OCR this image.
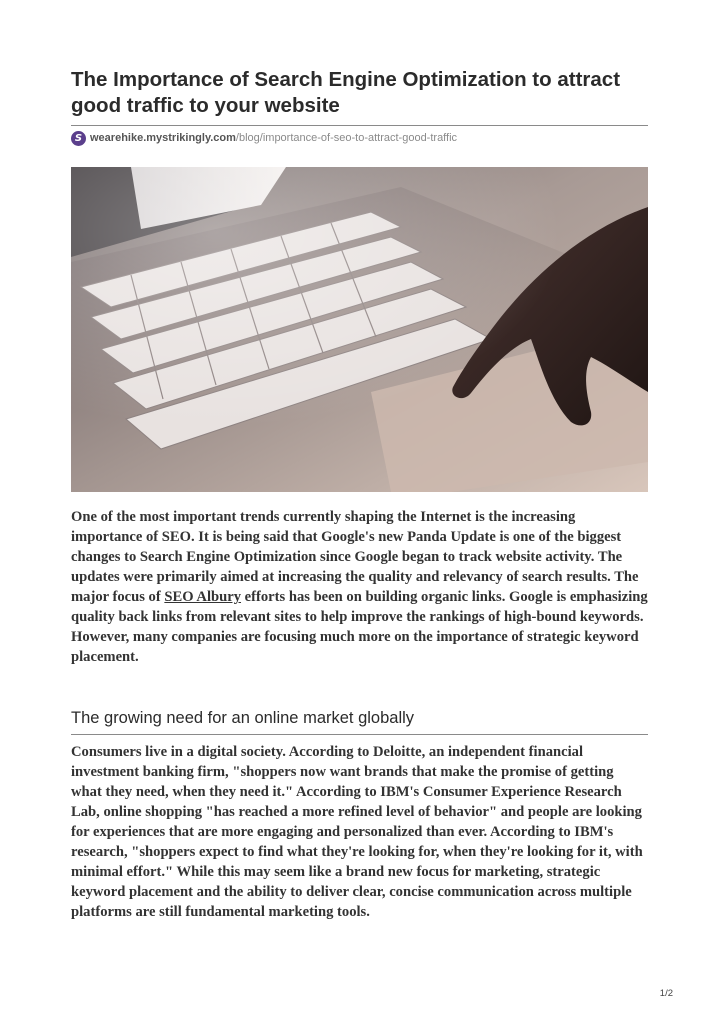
The Importance of Search Engine Optimization to attract good traffic to your website
S wearehike.mystrikingly.com /blog/importance-of-seo-to-attract-good-traffic

One of the most important trends currently shaping the Internet is the increasing importance of SEO. It is being said that Google's new Panda Update is one of the biggest changes to Search Engine Optimization since Google began to track website activity. The updates were primarily aimed at increasing the quality and relevancy of search results. The major focus of SEO Albury efforts has been on building organic links. Google is emphasizing quality back links from relevant sites to help improve the rankings of high-bound keywords. However, many companies are focusing much more on the importance of strategic keyword placement.

The growing need for an online market globally

Consumers live in a digital society. According to Deloitte, an independent financial investment banking firm, "shoppers now want brands that make the promise of getting what they need, when they need it." According to IBM's Consumer Experience Research Lab, online shopping "has reached a more refined level of behavior" and people are looking for experiences that are more engaging and personalized than ever. According to IBM's research, "shoppers expect to find what they're looking for, when they're looking for it, with minimal effort." While this may seem like a brand new focus for marketing, strategic keyword placement and the ability to deliver clear, concise communication across multiple platforms are still fundamental marketing tools.

1/2
